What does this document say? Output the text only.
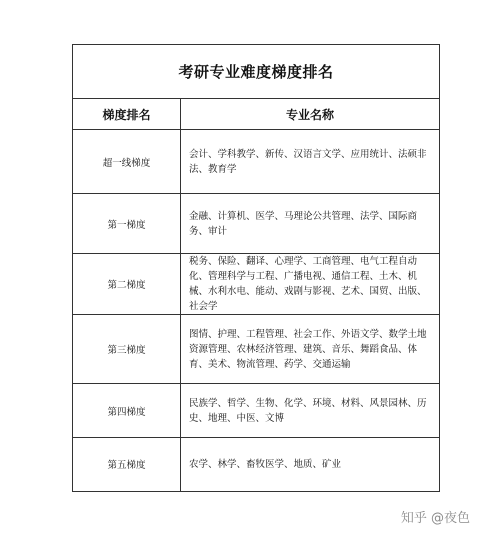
考研专业难度梯度排名
梯度排名	专业名称
超一线梯度	会计、学科教学、新传、汉语言文学、应用统计、法硕非法、教育学
第一梯度	金融、计算机、医学、马理论公共管理、法学、国际商务、审计
第二梯度	税务、保险、翻译、心理学、工商管理、电气工程自动化、管理科学与工程、广播电视、通信工程、土木、机械、水利水电、能动、戏剧与影视、艺术、国贸、出版、社会学
第三梯度	图情、护理、工程管理、社会工作、外语文学、数学土地资源管理、农林经济管理、建筑、音乐、舞蹈食品、体育、美术、物流管理、药学、交通运输
第四梯度	民族学、哲学、生物、化学、环境、材料、风景园林、历史、地理、中医、文博
第五梯度	农学、林学、畜牧医学、地质、矿业
知乎 @夜色
